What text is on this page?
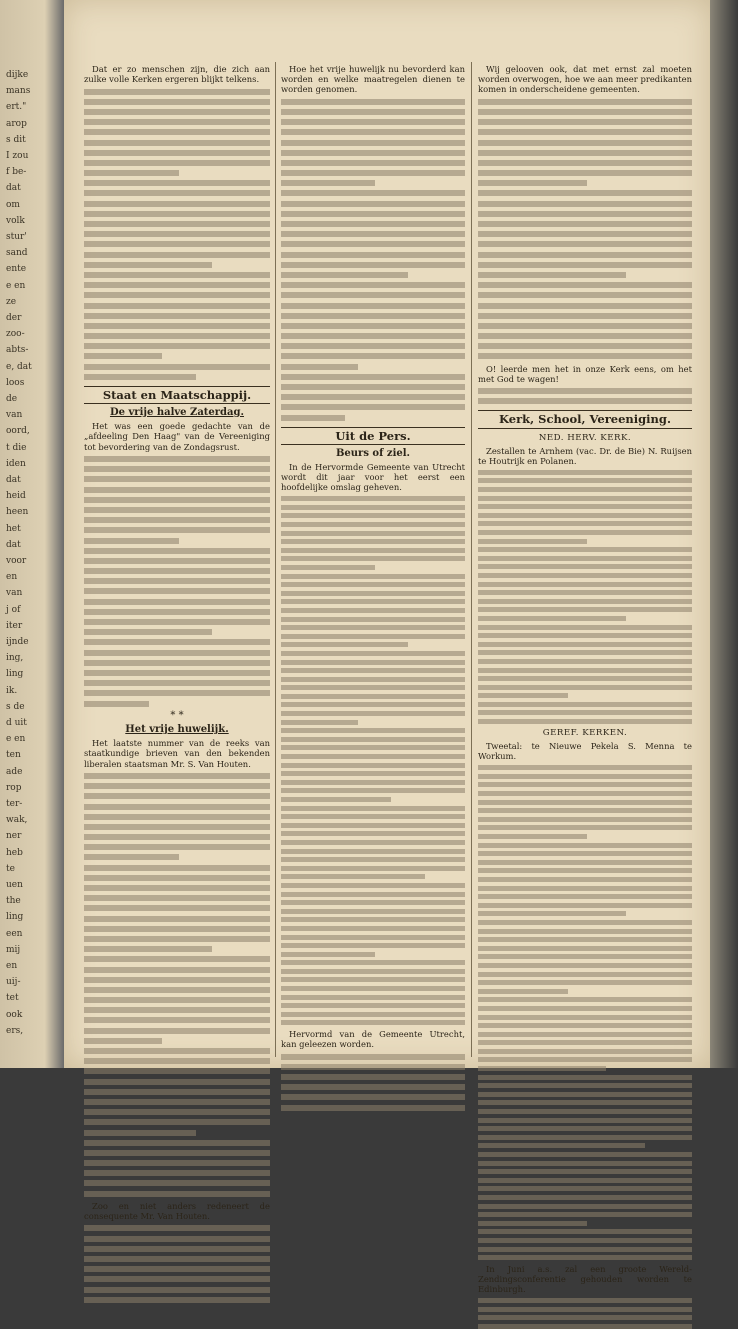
dijke
mans
ert."
arop
s dit
I zou
f be-
dat
om
volk
stur'
sand
ente
e en
ze
der
zoo-
abts-
e, dat
loos
de
van
oord,
t die
iden
dat
heid
heen
het
dat
voor
en
van
j of
iter
ijnde
ing,
ling
ik.
s de
d uit
e en
ten
ade
rop
ter-
wak,
ner
heb
te
uen
the
ling
een
mij
en
uij-
tet
ook
ers,
Dat er zo menschen zijn, die zich aan zulke volle Kerken ergeren blijkt telkens.
Staat en Maatschappij.
De vrije halve Zaterdag.
Het was een goede gedachte van de „afdeeling Den Haag" van de Vereeniging tot bevordering van de Zondagsrust.
* *
Het vrije huwelijk.
Het laatste nummer van de reeks van staatkundige brieven van den bekenden liberalen staatsman Mr. S. Van Houten.
Zoo en niet anders redeneert de consequente Mr. Van Houten.
Hoe het vrije huwelijk nu bevorderd kan worden en welke maatregelen dienen te worden genomen.
Uit de Pers.
Beurs of ziel.
In de Hervormde Gemeente van Utrecht wordt dit jaar voor het eerst een hoofdelijke omslag geheven.
Hervormd van de Gemeente Utrecht, kan geleezen worden.
Wij gelooven ook, dat met ernst zal moeten worden overwogen, hoe we aan meer predikanten komen in onderscheidene gemeenten.
O! leerde men het in onze Kerk eens, om het met God te wagen!
Kerk, School, Vereeniging.
NED. HERV. KERK.
Zestallen te Arnhem (vac. Dr. de Bie) N. Ruijsen te Houtrijk en Polanen.
GEREF. KERKEN.
Tweetal: te Nieuwe Pekela S. Menna te Workum.
In Juni a.s. zal een groote Wereld-Zendingsconferentie gehouden worden te Edinburgh.
